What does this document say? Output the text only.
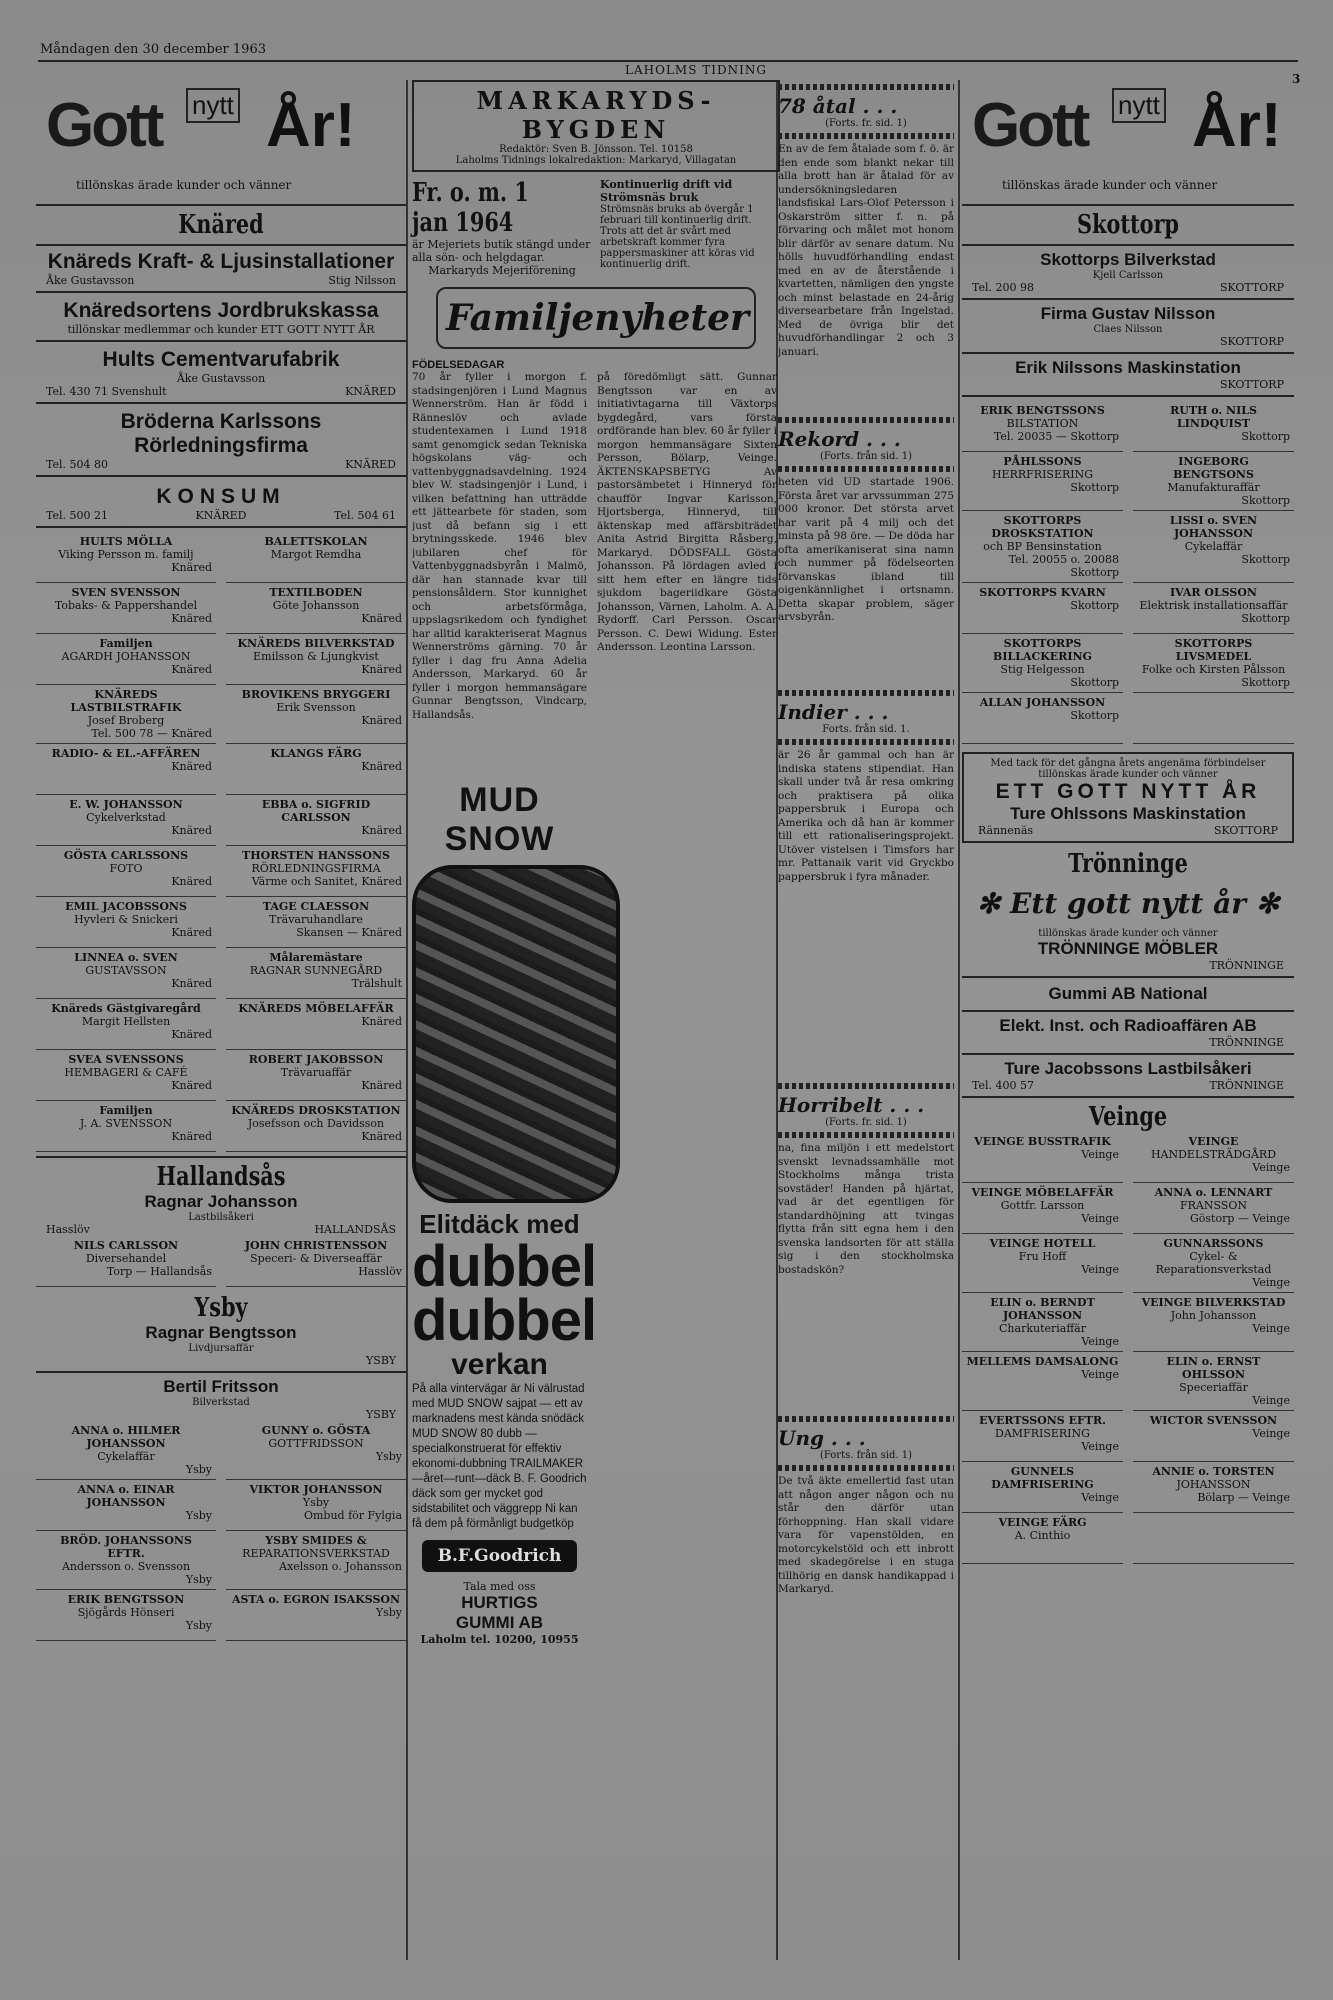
Måndagen den 30 december 1963
LAHOLMS TIDNING
3
Gott nytt År!
tillönskas ärade kunder och vänner
Knäred
Knäreds Kraft- & Ljusinstallationer
Åke Gustavsson	Stig Nilsson
Knäredsortens Jordbrukskassa
tillönskar medlemmar och kunder ETT GOTT NYTT ÅR
Hults Cementvarufabrik
Åke Gustavsson
Tel. 430 71 Svenshult	KNÄRED
Bröderna Karlssons Rörledningsfirma
Tel. 504 80	KNÄRED
KONSUM
Tel. 500 21	KNÄRED	Tel. 504 61
HULTS MÖLLA
Viking Persson m. familj
Knäred
BALETTSKOLAN
Margot Remdha
SVEN SVENSSON
Tobaks- & Pappershandel
Knäred
TEXTILBODEN
Göte Johansson
Knäred
Familjen
AGARDH JOHANSSON
Knäred
KNÄREDS BILVERKSTAD
Emilsson & Ljungkvist
Knäred
KNÄREDS LASTBILSTRAFIK
Josef Broberg
Tel. 500 78 — Knäred
BROVIKENS BRYGGERI
Erik Svensson
Knäred
RADIO- & EL.-AFFÄREN
Knäred
KLANGS FÄRG
Knäred
E. W. JOHANSSON
Cykelverkstad
Knäred
EBBA o. SIGFRID CARLSSON
Knäred
GÖSTA CARLSSONS
FOTO
Knäred
THORSTEN HANSSONS
RÖRLEDNINGSFIRMA
Värme och Sanitet, Knäred
EMIL JACOBSSONS
Hyvleri & Snickeri
Knäred
TAGE CLAESSON
Trävaruhandlare
Skansen — Knäred
LINNEA o. SVEN
GUSTAVSSON
Knäred
Målaremästare
RAGNAR SUNNEGÅRD
Trälshult
Knäreds Gästgivaregård
Margit Hellsten
Knäred
KNÄREDS MÖBELAFFÄR
Knäred
SVEA SVENSSONS
HEMBAGERI & CAFÉ
Knäred
ROBERT JAKOBSSON
Trävaruaffär
Knäred
Familjen
J. A. SVENSSON
Knäred
KNÄREDS DROSKSTATION
Josefsson och Davidsson
Knäred
Hallandsås
Ragnar Johansson
Lastbilsåkeri
Hasslöv	HALLANDSÅS
NILS CARLSSON
Diversehandel
Torp — Hallandsås
JOHN CHRISTENSSON
Speceri- & Diverseaffär
Hasslöv
Ysby
Ragnar Bengtsson
Livdjursaffär
YSBY
Bertil Fritsson
Bilverkstad
YSBY
ANNA o. HILMER JOHANSSON
Cykelaffär
Ysby
GUNNY o. GÖSTA
GOTTFRIDSSON
Ysby
ANNA o. EINAR JOHANSSON
Ysby
VIKTOR JOHANSSON
Ysby
Ombud för Fylgia
BRÖD. JOHANSSONS EFTR.
Andersson o. Svensson
Ysby
YSBY SMIDES &
REPARATIONSVERKSTAD
Axelsson o. Johansson
ERIK BENGTSSON
Sjögårds Hönseri
Ysby
ASTA o. EGRON ISAKSSON
Ysby
MARKARYDS-BYGDEN
Redaktör: Sven B. Jönsson. Tel. 10158
Laholms Tidnings lokalredaktion: Markaryd, Villagatan
Fr. o. m. 1 jan 1964
är Mejeriets butik stängd under alla sön- och helgdagar.
Markaryds Mejeriförening
Kontinuerlig drift vid Strömsnäs bruk
Strömsnäs bruks ab övergår 1 februari till kontinuerlig drift. Trots att det är svårt med arbetskraft kommer fyra pappersmaskiner att köras vid kontinuerlig drift.
Familjenyheter
FÖDELSEDAGAR
70 år fyller i morgon f. stadsingenjören i Lund Magnus Wennerström. Han är född i Ränneslöv och avlade studentexamen i Lund 1918 samt genomgick sedan Tekniska högskolans väg- och vattenbyggnadsavdelning. 1924 blev W. stadsingenjör i Lund, i vilken befattning han utträdde ett jättearbete för staden, som just då befann sig i ett brytningsskede. 1946 blev jubilaren chef för Vattenbyggnadsbyrån i Malmö, där han stannade kvar till pensionsåldern. Stor kunnighet och arbetsförmåga, uppslagsrikedom och fyndighet har alltid karakteriserat Magnus Wennerströms gärning. 70 år fyller i dag fru Anna Adelia Andersson, Markaryd. 60 år fyller i morgon hemmansägare Gunnar Bengtsson, Vindcarp, Hallandsås.
MUD SNOW
Elitdäck med
dubbel
dubbel
verkan
På alla vintervägar är Ni välrustad med MUD SNOW sajpat — ett av marknadens mest kända snödäck MUD SNOW 80 dubb — specialkonstruerat för effektiv ekonomi-dubbning TRAILMAKER—året—runt—däck B. F. Goodrich däck som ger mycket god sidstabilitet och väggrepp Ni kan få dem på förmånligt budgetköp
B.F.Goodrich
Tala med oss
HURTIGS
GUMMI AB
Laholm tel. 10200, 10955
på föredömligt sätt. Gunnar Bengtsson var en av initiativtagarna till Växtorps bygdegård, vars första ordförande han blev. 60 år fyller i morgon hemmansägare Sixten Persson, Bölarp, Veinge. ÄKTENSKAPSBETYG Av pastorsämbetet i Hinneryd för chaufför Ingvar Karlsson, Hjortsberga, Hinneryd, till äktenskap med affärsbiträdet Anita Astrid Birgitta Råsberg, Markaryd. DÖDSFALL Gösta Johansson. På lördagen avled i sitt hem efter en längre tids sjukdom bageriidkare Gösta Johansson, Värnen, Laholm. A. A. Rydorff. Carl Persson. Oscar Persson. C. Dewi Widung. Ester Andersson. Leontina Larsson.
78 åtal . . .
(Forts. fr. sid. 1)
En av de fem åtalade som f. ö. är den ende som blankt nekar till alla brott han är åtalad för av undersökningsledaren landsfiskal Lars-Olof Petersson i Oskarström sitter f. n. på förvaring och målet mot honom blir därför av senare datum. Nu hölls huvudförhandling endast med en av de återstående i kvartetten, nämligen den yngste och minst belastade en 24-årig diversearbetare från Ingelstad. Med de övriga blir det huvudförhandlingar 2 och 3 januari.
Rekord . . .
(Forts. från sid. 1)
heten vid UD startade 1906. Första året var arvssumman 275 000 kronor. Det största arvet har varit på 4 milj och det minsta på 98 öre. — De döda har ofta amerikaniserat sina namn och nummer på födelseorten förvanskas ibland till oigenkännlighet i ortsnamn. Detta skapar problem, säger arvsbyrån.
Indier . . .
Forts. från sid. 1.
är 26 år gammal och han är indiska statens stipendiat. Han skall under två år resa omkring och praktisera på olika pappersbruk i Europa och Amerika och då han är kommer till ett rationaliseringsprojekt. Utöver vistelsen i Timsfors har mr. Pattanaik varit vid Gryckbo pappersbruk i fyra månader.
Horribelt . . .
(Forts. fr. sid. 1)
na, fina miljön i ett medelstort svenskt levnadssamhälle mot Stockholms många trista sovstäder! Handen på hjärtat, vad är det egentligen för standardhöjning att tvingas flytta från sitt egna hem i den svenska landsorten för att ställa sig i den stockholmska bostadskön?
Ung . . .
(Forts. från sid. 1)
De två äkte emellertid fast utan att någon anger någon och nu står den därför utan förhoppning. Han skall vidare vara för vapenstölden, en motorcykelstöld och ett inbrott med skadegörelse i en stuga tillhörig en dansk handikappad i Markaryd.
Gott nytt År!
tillönskas ärade kunder och vänner
Skottorp
Skottorps Bilverkstad
Kjell Carlsson
Tel. 200 98	SKOTTORP
Firma Gustav Nilsson
Claes Nilsson
SKOTTORP
Erik Nilssons Maskinstation
SKOTTORP
ERIK BENGTSSONS
BILSTATION
Tel. 20035 — Skottorp
RUTH o. NILS LINDQUIST
Skottorp
PÅHLSSONS
HERRFRISERING
Skottorp
INGEBORG BENGTSONS
Manufakturaffär
Skottorp
SKOTTORPS DROSKSTATION
och BP Bensinstation
Tel. 20055 o. 20088 Skottorp
LISSI o. SVEN JOHANSSON
Cykelaffär
Skottorp
SKOTTORPS KVARN
Skottorp
IVAR OLSSON
Elektrisk installationsaffär
Skottorp
SKOTTORPS BILLACKERING
Stig Helgesson
Skottorp
SKOTTORPS LIVSMEDEL
Folke och Kirsten Pålsson
Skottorp
ALLAN JOHANSSON
Skottorp
Med tack för det gångna årets angenäma förbindelser tillönskas ärade kunder och vänner
ETT GOTT NYTT ÅR
Ture Ohlssons Maskinstation
Rännenäs	SKOTTORP
Trönninge
✻ Ett gott nytt år ✻
tillönskas ärade kunder och vänner
TRÖNNINGE MÖBLER
TRÖNNINGE
Gummi AB National
Elekt. Inst. och Radioaffären AB
TRÖNNINGE
Ture Jacobssons Lastbilsåkeri
Tel. 400 57	TRÖNNINGE
Veinge
VEINGE BUSSTRAFIK
Veinge
VEINGE
HANDELSTRÄDGÅRD
Veinge
VEINGE MÖBELAFFÄR
Gottfr. Larsson
Veinge
ANNA o. LENNART
FRANSSON
Göstorp — Veinge
VEINGE HOTELL
Fru Hoff
Veinge
GUNNARSSONS
Cykel- & Reparationsverkstad
Veinge
ELIN o. BERNDT JOHANSSON
Charkuteriaffär
Veinge
VEINGE BILVERKSTAD
John Johansson
Veinge
MELLEMS DAMSALONG
Veinge
ELIN o. ERNST OHLSSON
Speceriaffär
Veinge
EVERTSSONS EFTR.
DAMFRISERING
Veinge
WICTOR SVENSSON
Veinge
GUNNELS DAMFRISERING
Veinge
ANNIE o. TORSTEN
JOHANSSON
Bölarp — Veinge
VEINGE FÄRG
A. Cinthio
